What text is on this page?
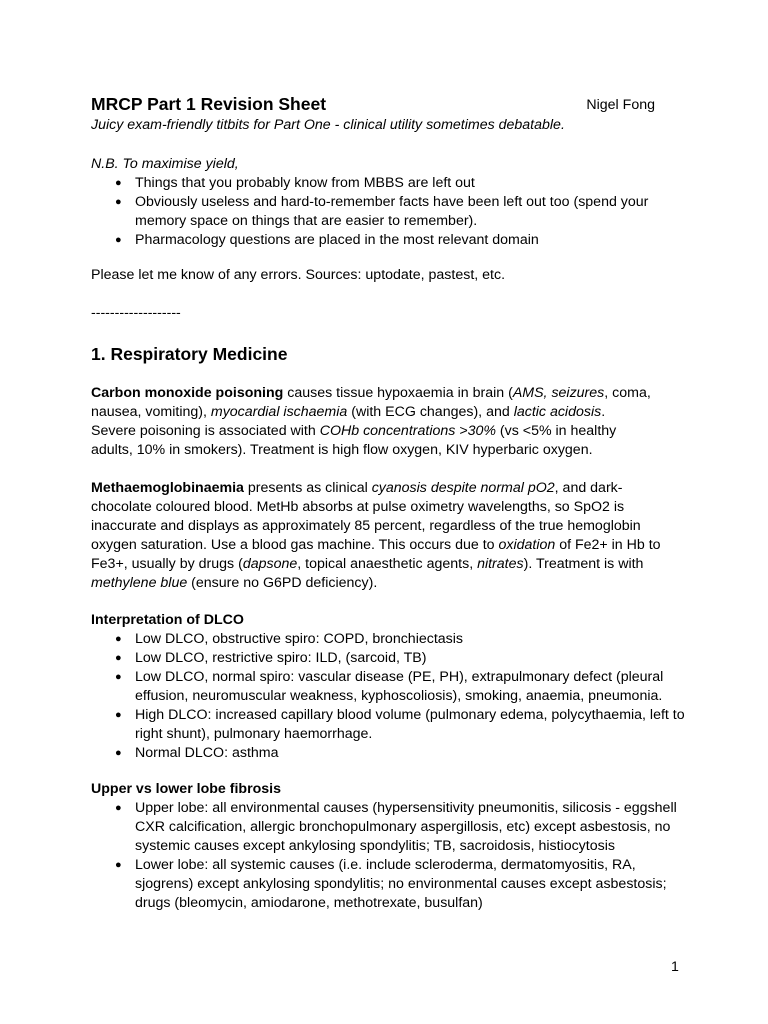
MRCP Part 1 Revision Sheet	Nigel Fong
Juicy exam-friendly titbits for Part One - clinical utility sometimes debatable.
N.B. To maximise yield,
● Things that you probably know from MBBS are left out
● Obviously useless and hard-to-remember facts have been left out too (spend your memory space on things that are easier to remember).
● Pharmacology questions are placed in the most relevant domain
Please let me know of any errors. Sources: uptodate, pastest, etc.
-------------------
1. Respiratory Medicine
Carbon monoxide poisoning causes tissue hypoxaemia in brain (AMS, seizures, coma, nausea, vomiting), myocardial ischaemia (with ECG changes), and lactic acidosis. Severe poisoning is associated with COHb concentrations >30% (vs <5% in healthy adults, 10% in smokers). Treatment is high flow oxygen, KIV hyperbaric oxygen.
Methaemoglobinaemia presents as clinical cyanosis despite normal pO2, and dark-chocolate coloured blood. MetHb absorbs at pulse oximetry wavelengths, so SpO2 is inaccurate and displays as approximately 85 percent, regardless of the true hemoglobin oxygen saturation. Use a blood gas machine. This occurs due to oxidation of Fe2+ in Hb to Fe3+, usually by drugs (dapsone, topical anaesthetic agents, nitrates). Treatment is with methylene blue (ensure no G6PD deficiency).
Interpretation of DLCO
● Low DLCO, obstructive spiro: COPD, bronchiectasis
● Low DLCO, restrictive spiro: ILD, (sarcoid, TB)
● Low DLCO, normal spiro: vascular disease (PE, PH), extrapulmonary defect (pleural effusion, neuromuscular weakness, kyphoscoliosis), smoking, anaemia, pneumonia.
● High DLCO: increased capillary blood volume (pulmonary edema, polycythaemia, left to right shunt), pulmonary haemorrhage.
● Normal DLCO: asthma
Upper vs lower lobe fibrosis
● Upper lobe: all environmental causes (hypersensitivity pneumonitis, silicosis - eggshell CXR calcification, allergic bronchopulmonary aspergillosis, etc) except asbestosis, no systemic causes except ankylosing spondylitis; TB, sacroidosis, histiocytosis
● Lower lobe: all systemic causes (i.e. include scleroderma, dermatomyositis, RA, sjogrens) except ankylosing spondylitis; no environmental causes except asbestosis; drugs (bleomycin, amiodarone, methotrexate, busulfan)
1
